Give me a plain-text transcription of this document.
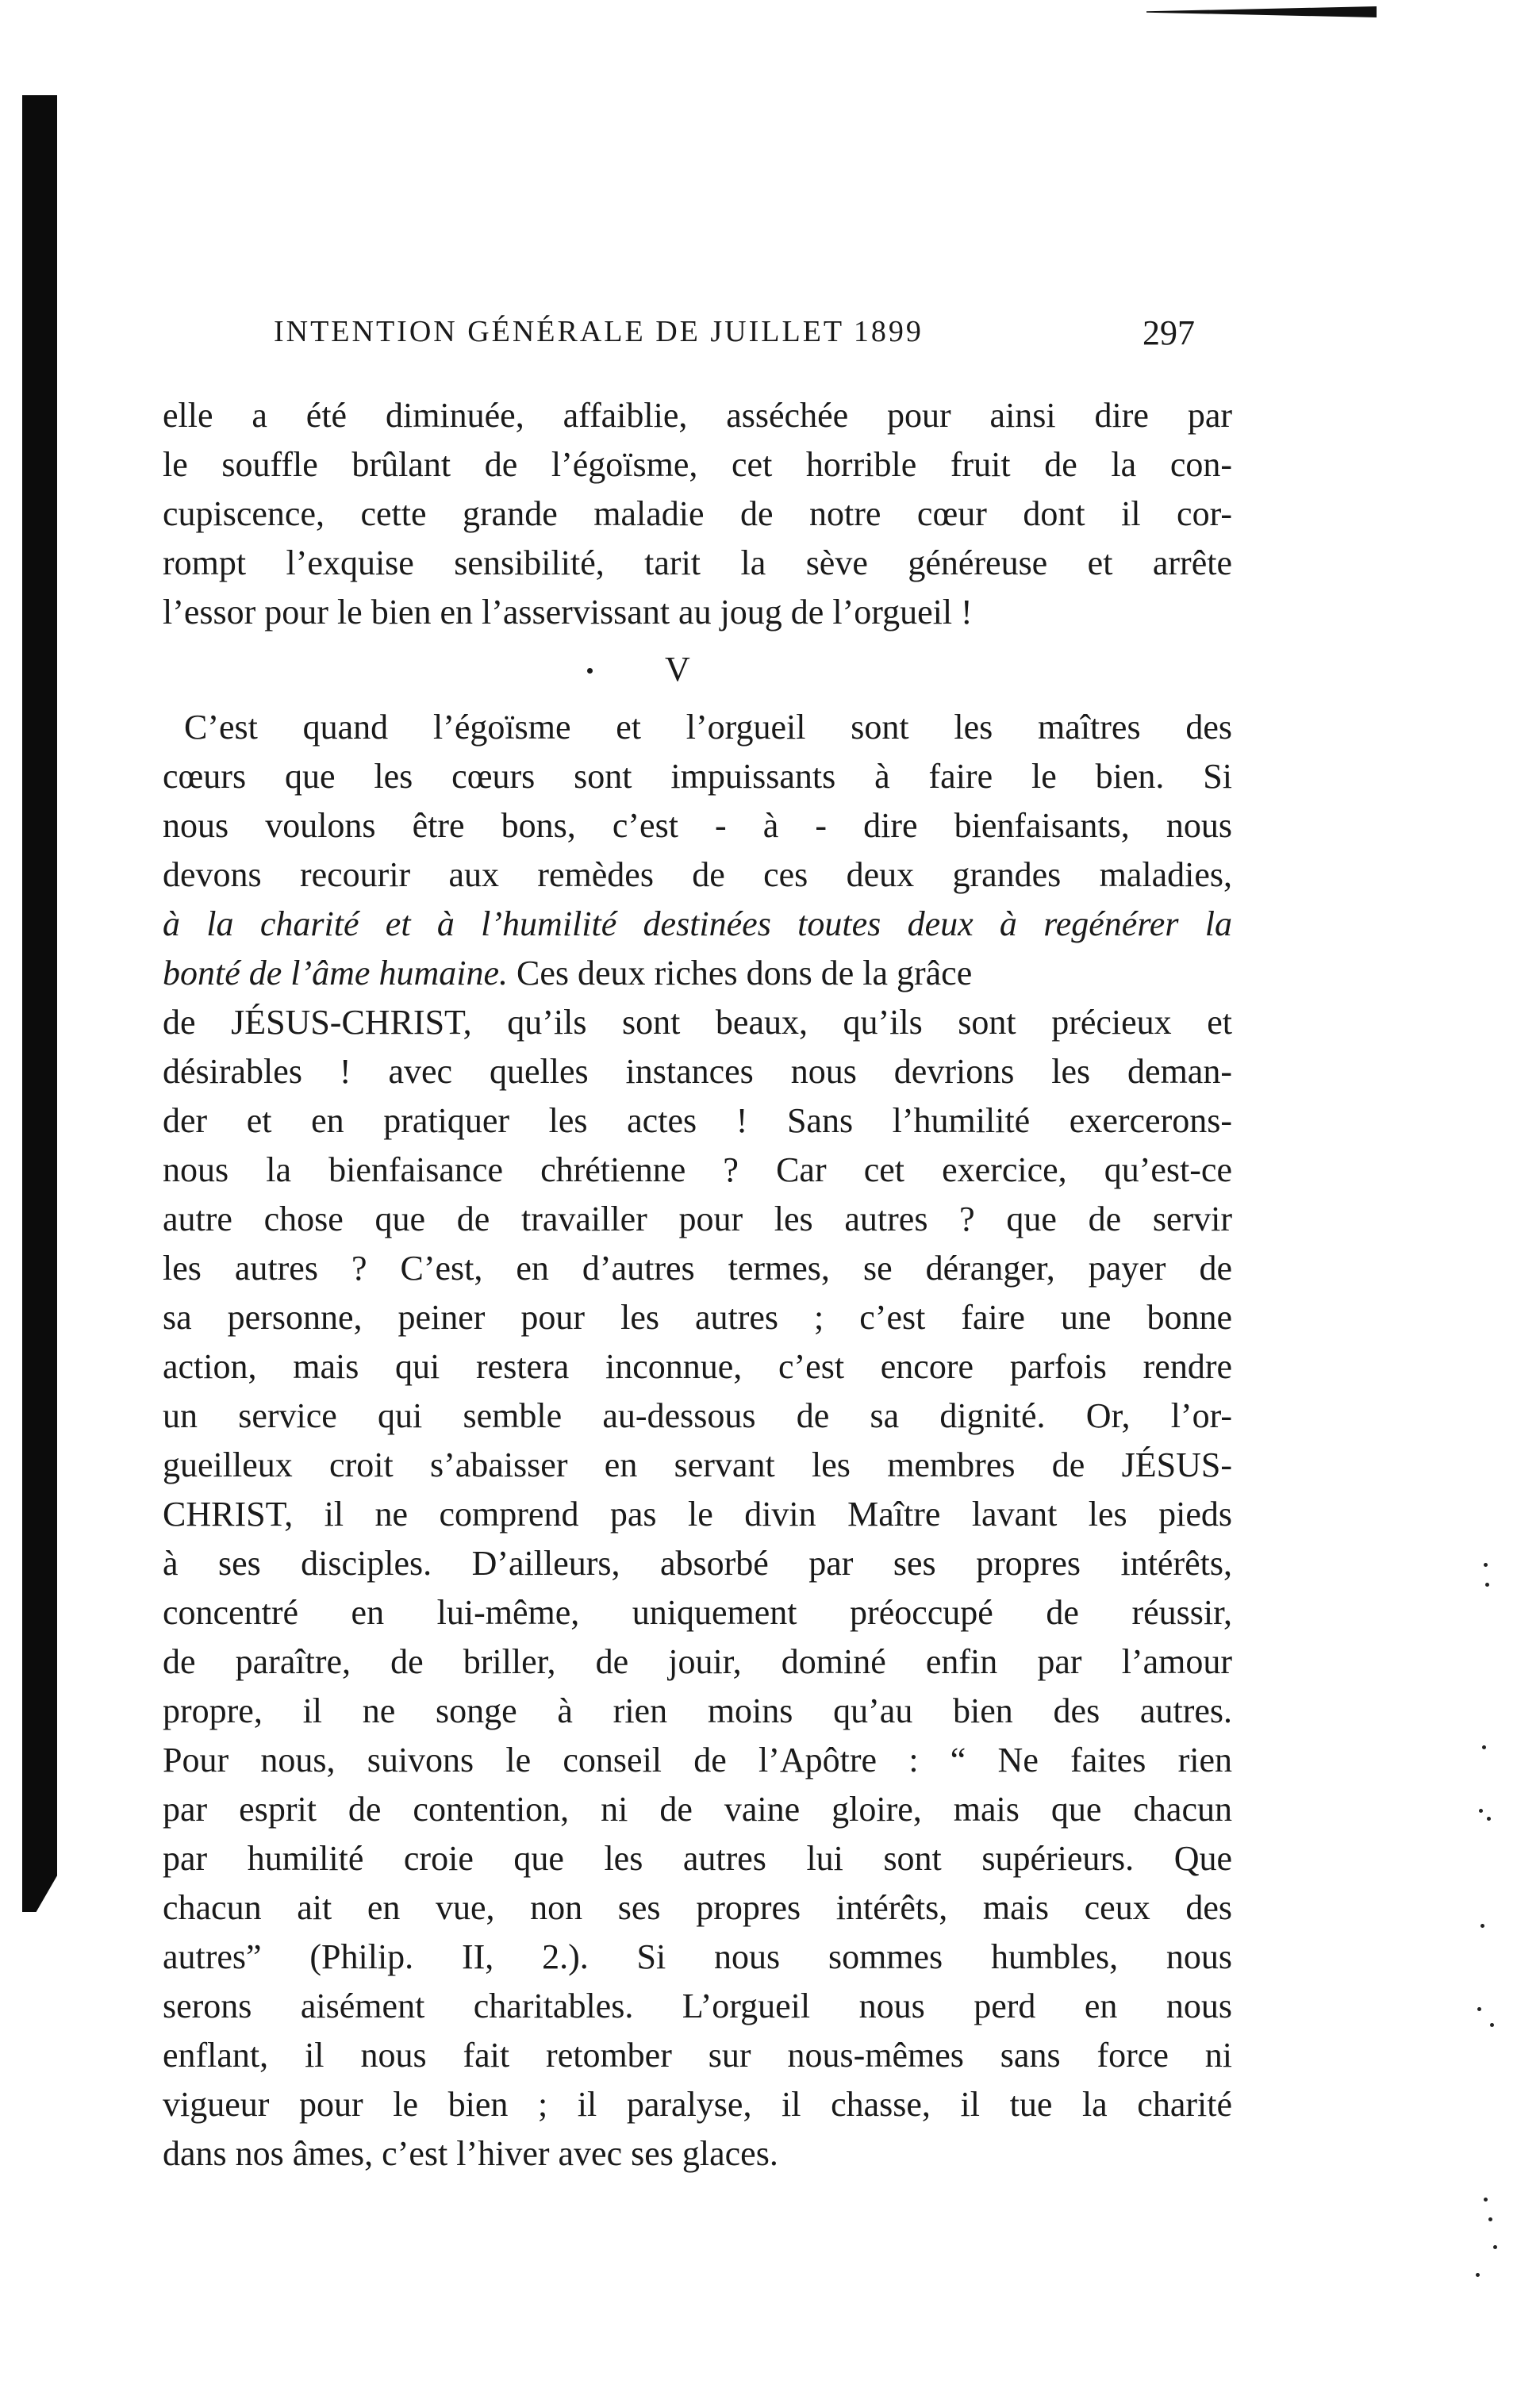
INTENTION GÉNÉRALE DE JUILLET 1899	297
elle a été diminuée, affaiblie, asséchée pour ainsi dire par
le souffle brûlant de l’égoïsme, cet horrible fruit de la con-
cupiscence, cette grande maladie de notre cœur dont il cor-
rompt l’exquise sensibilité, tarit la sève généreuse et arrête
l’essor pour le bien en l’asservissant au joug de l’orgueil !
V
C’est quand l’égoïsme et l’orgueil sont les maîtres des
cœurs que les cœurs sont impuissants à faire le bien. Si
nous voulons être bons, c’est - à - dire bienfaisants, nous
devons recourir aux remèdes de ces deux grandes maladies,
à la charité et à l’humilité destinées toutes deux à regénérer la
bonté de l’âme humaine. Ces deux riches dons de la grâce
de JÉSUS-CHRIST, qu’ils sont beaux, qu’ils sont précieux et
désirables ! avec quelles instances nous devrions les deman-
der et en pratiquer les actes ! Sans l’humilité exercerons-
nous la bienfaisance chrétienne ? Car cet exercice, qu’est-ce
autre chose que de travailler pour les autres ? que de servir
les autres ? C’est, en d’autres termes, se déranger, payer de
sa personne, peiner pour les autres ; c’est faire une bonne
action, mais qui restera inconnue, c’est encore parfois rendre
un service qui semble au-dessous de sa dignité. Or, l’or-
gueilleux croit s’abaisser en servant les membres de JÉSUS-
CHRIST, il ne comprend pas le divin Maître lavant les pieds
à ses disciples. D’ailleurs, absorbé par ses propres intérêts,
concentré en lui-même, uniquement préoccupé de réussir,
de paraître, de briller, de jouir, dominé enfin par l’amour
propre, il ne songe à rien moins qu’au bien des autres.
Pour nous, suivons le conseil de l’Apôtre : “ Ne faites rien
par esprit de contention, ni de vaine gloire, mais que chacun
par humilité croie que les autres lui sont supérieurs. Que
chacun ait en vue, non ses propres intérêts, mais ceux des
autres” (Philip. II, 2.). Si nous sommes humbles, nous
serons aisément charitables. L’orgueil nous perd en nous
enflant, il nous fait retomber sur nous-mêmes sans force ni
vigueur pour le bien ; il paralyse, il chasse, il tue la charité
dans nos âmes, c’est l’hiver avec ses glaces.
